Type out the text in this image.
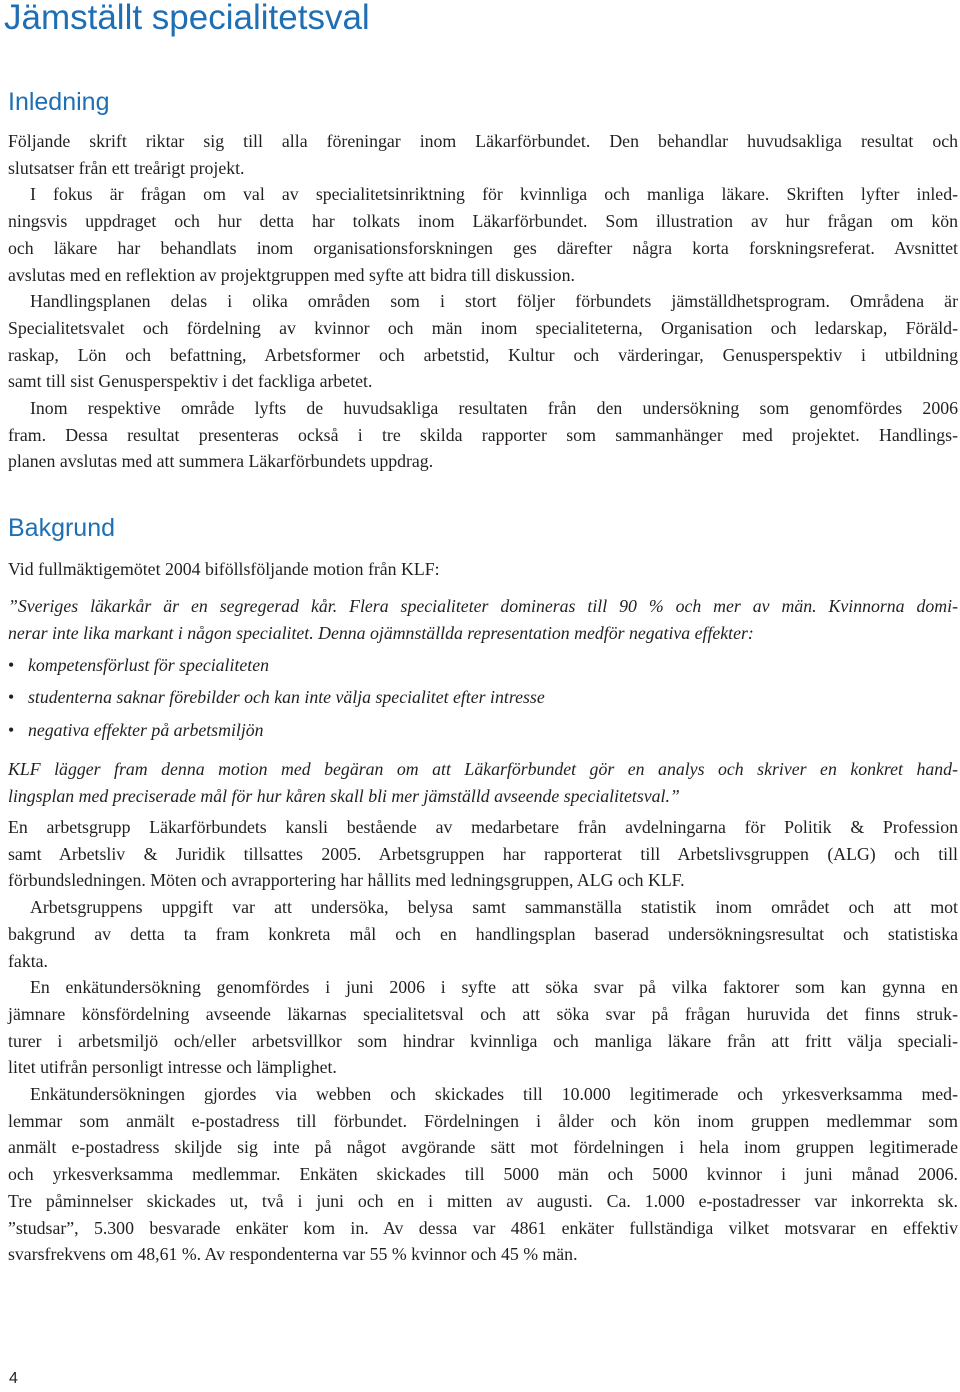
Jämställt specialitetsval
Inledning
Följande skrift riktar sig till alla föreningar inom Läkarförbundet. Den behandlar huvudsakliga resultat och
slutsatser från ett treårigt projekt.
I fokus är frågan om val av specialitetsinriktning för kvinnliga och manliga läkare. Skriften lyfter inled-
ningsvis uppdraget och hur detta har tolkats inom Läkarförbundet. Som illustration av hur frågan om kön
och läkare har behandlats inom organisationsforskningen ges därefter några korta forskningsreferat. Avsnittet
avslutas med en reflektion av projektgruppen med syfte att bidra till diskussion.
Handlingsplanen delas i olika områden som i stort följer förbundets jämställdhetsprogram. Områdena är
Specialitetsvalet och fördelning av kvinnor och män inom specialiteterna, Organisation och ledarskap, Föräld-
raskap, Lön och befattning, Arbetsformer och arbetstid, Kultur och värderingar, Genusperspektiv i utbildning
samt till sist Genusperspektiv i det fackliga arbetet.
Inom respektive område lyfts de huvudsakliga resultaten från den undersökning som genomfördes 2006
fram. Dessa resultat presenteras också i tre skilda rapporter som sammanhänger med projektet. Handlings-
planen avslutas med att summera Läkarförbundets uppdrag.
Bakgrund

Vid fullmäktigemötet 2004 biföllsföljande motion från KLF:

”Sveriges läkarkår är en segregerad kår. Flera specialiteter domineras till 90 % och mer av män. Kvinnorna domi-
nerar inte lika markant i någon specialitet. Denna ojämnställda representation medför negativa effekter:
• kompetensförlust för specialiteten
• studenterna saknar förebilder och kan inte välja specialitet efter intresse
• negativa effekter på arbetsmiljön
KLF lägger fram denna motion med begäran om att Läkarförbundet gör en analys och skriver en konkret hand-
lingsplan med preciserade mål för hur kåren skall bli mer jämställd avseende specialitetsval.”
En arbetsgrupp Läkarförbundets kansli bestående av medarbetare från avdelningarna för Politik & Profession
samt Arbetsliv & Juridik tillsattes 2005. Arbetsgruppen har rapporterat till Arbetslivsgruppen (ALG) och till
förbundsledningen. Möten och avrapportering har hållits med ledningsgruppen, ALG och KLF.
Arbetsgruppens uppgift var att undersöka, belysa samt sammanställa statistik inom området och att mot
bakgrund av detta ta fram konkreta mål och en handlingsplan baserad undersökningsresultat och statistiska
fakta.
En enkätundersökning genomfördes i juni 2006 i syfte att söka svar på vilka faktorer som kan gynna en
jämnare könsfördelning avseende läkarnas specialitetsval och att söka svar på frågan huruvida det finns struk-
turer i arbetsmiljö och/eller arbetsvillkor som hindrar kvinnliga och manliga läkare från att fritt välja speciali-
litet utifrån personligt intresse och lämplighet.
Enkätundersökningen gjordes via webben och skickades till 10.000 legitimerade och yrkesverksamma med-
lemmar som anmält e-postadress till förbundet. Fördelningen i ålder och kön inom gruppen medlemmar som
anmält e-postadress skiljde sig inte på något avgörande sätt mot fördelningen i hela inom gruppen legitimerade
och yrkesverksamma medlemmar. Enkäten skickades till 5000 män och 5000 kvinnor i juni månad 2006.
Tre påminnelser skickades ut, två i juni och en i mitten av augusti. Ca. 1.000 e-postadresser var inkorrekta sk.
”studsar”, 5.300 besvarade enkäter kom in. Av dessa var 4861 enkäter fullständiga vilket motsvarar en effektiv
svarsfrekvens om 48,61 %. Av respondenterna var 55 % kvinnor och 45 % män.
4
